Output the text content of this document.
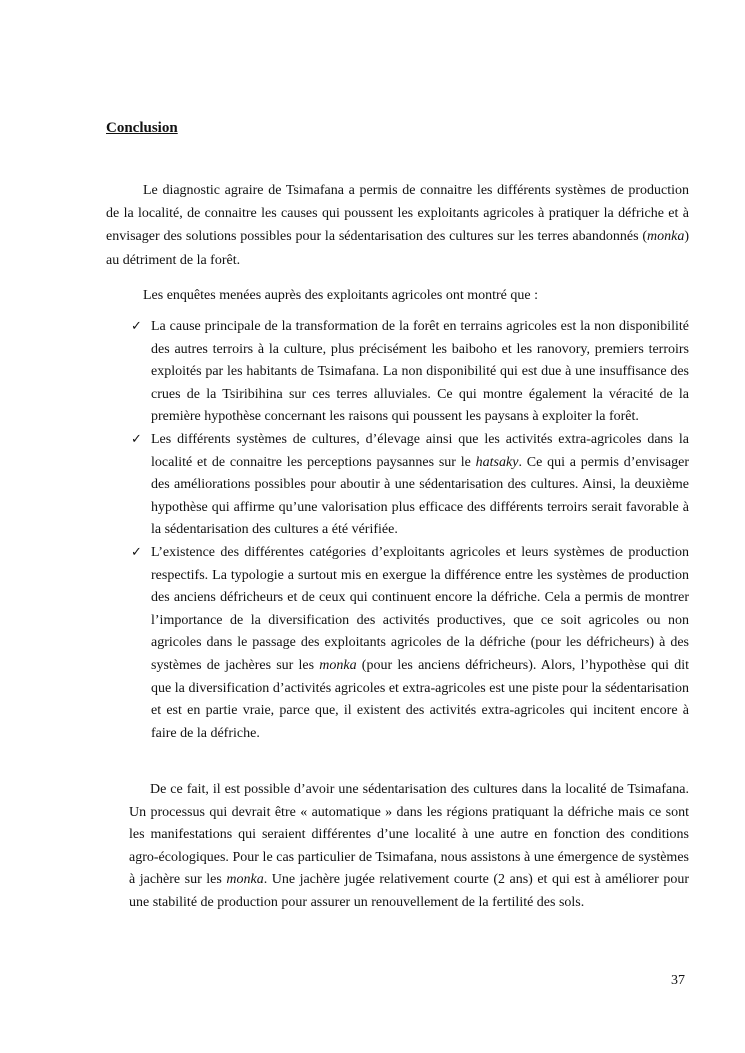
Conclusion

Le diagnostic agraire de Tsimafana a permis de connaitre les différents systèmes de production de la localité, de connaitre les causes qui poussent les exploitants agricoles à pratiquer la défriche et à envisager des solutions possibles pour la sédentarisation des cultures sur les terres abandonnés (monka) au détriment de la forêt.

Les enquêtes menées auprès des exploitants agricoles ont montré que :

✓ La cause principale de la transformation de la forêt en terrains agricoles est la non disponibilité des autres terroirs à la culture, plus précisément les baiboho et les ranovory, premiers terroirs exploités par les habitants de Tsimafana. La non disponibilité qui est due à une insuffisance des crues de la Tsiribihina sur ces terres alluviales. Ce qui montre également la véracité de la première hypothèse concernant les raisons qui poussent les paysans à exploiter la forêt.
✓ Les différents systèmes de cultures, d’élevage ainsi que les activités extra-agricoles dans la localité et de connaitre les perceptions paysannes sur le hatsaky. Ce qui a permis d’envisager des améliorations possibles pour aboutir à une sédentarisation des cultures. Ainsi, la deuxième hypothèse qui affirme qu’une valorisation plus efficace des différents terroirs serait favorable à la sédentarisation des cultures a été vérifiée.
✓ L’existence des différentes catégories d’exploitants agricoles et leurs systèmes de production respectifs. La typologie a surtout mis en exergue la différence entre les systèmes de production des anciens défricheurs et de ceux qui continuent encore la défriche. Cela a permis de montrer l’importance de la diversification des activités productives, que ce soit agricoles ou non agricoles dans le passage des exploitants agricoles de la défriche (pour les défricheurs) à des systèmes de jachères sur les monka (pour les anciens défricheurs). Alors, l’hypothèse qui dit que la diversification d’activités agricoles et extra-agricoles est une piste pour la sédentarisation et est en partie vraie, parce que, il existent des activités extra-agricoles qui incitent encore à faire de la défriche.

De ce fait, il est possible d’avoir une sédentarisation des cultures dans la localité de Tsimafana. Un processus qui devrait être « automatique » dans les régions pratiquant la défriche mais ce sont les manifestations qui seraient différentes d’une localité à une autre en fonction des conditions agro-écologiques. Pour le cas particulier de Tsimafana, nous assistons à une émergence de systèmes à jachère sur les monka. Une jachère jugée relativement courte (2 ans) et qui est à améliorer pour une stabilité de production pour assurer un renouvellement de la fertilité des sols.

37
